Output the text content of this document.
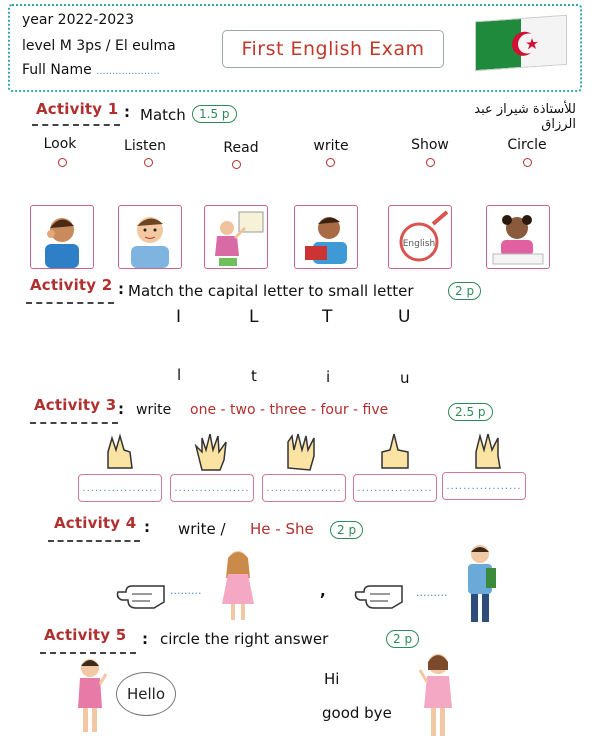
year 2022-2023
level M 3ps / El eulma
Full Name ....................
First English Exam
Activity 1 : Match	1.5 p	للأستاذة شيراز عبد الرزاق
Look	Listen	Read	write	Show	Circle
English
Activity 2 : Match the capital letter to small letter	2 p
I	L	T	U
l	t	i	u
Activity 3 : write one - two - three - four - five	2.5 p
.................. .................. .................. .................. ..................
Activity 4 : write / He - She	2 p
.........	,	.........
Activity 5 : circle the right answer	2 p
Hello
Hi
good bye
